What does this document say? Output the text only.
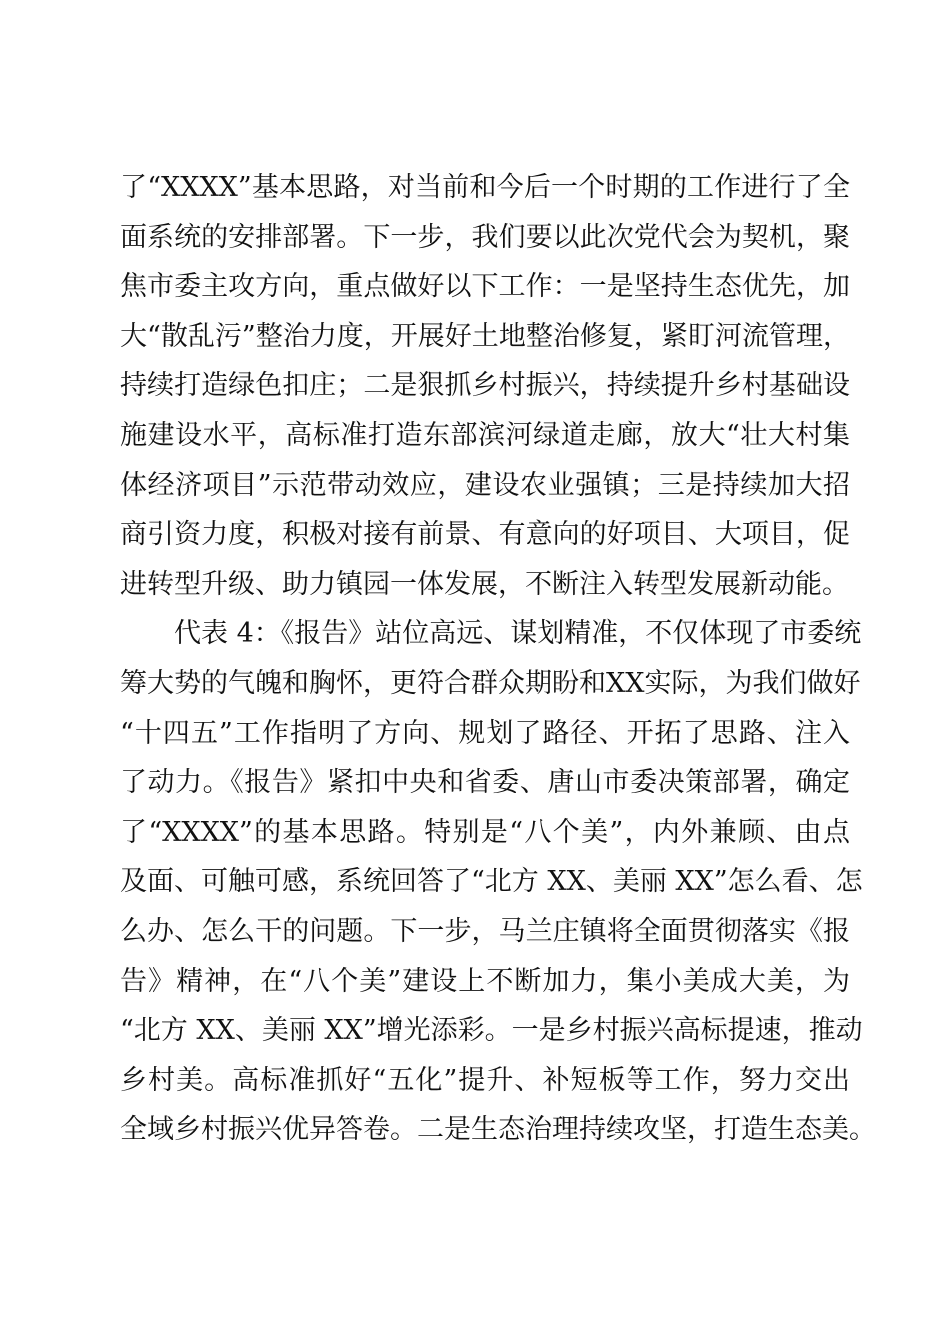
了“XXXX”基本思路，对当前和今后一个时期的工作进行了全
面系统的安排部署。下一步，我们要以此次党代会为契机，聚
焦市委主攻方向，重点做好以下工作：一是坚持生态优先，加
大“散乱污”整治力度，开展好土地整治修复，紧盯河流管理，
持续打造绿色扣庄；二是狠抓乡村振兴，持续提升乡村基础设
施建设水平，高标准打造东部滨河绿道走廊，放大“壮大村集
体经济项目”示范带动效应，建设农业强镇；三是持续加大招
商引资力度，积极对接有前景、有意向的好项目、大项目，促
进转型升级、助力镇园一体发展，不断注入转型发展新动能。
代表 4：《报告》站位高远、谋划精准，不仅体现了市委统
筹大势的气魄和胸怀，更符合群众期盼和XX实际，为我们做好
“十四五”工作指明了方向、规划了路径、开拓了思路、注入
了动力。《报告》紧扣中央和省委、唐山市委决策部署，确定
了“XXXX”的基本思路。特别是“八个美”，内外兼顾、由点
及面、可触可感，系统回答了“北方 XX、美丽 XX”怎么看、怎
么办、怎么干的问题。下一步，马兰庄镇将全面贯彻落实《报
告》精神，在“八个美”建设上不断加力，集小美成大美，为
“北方 XX、美丽 XX”增光添彩。一是乡村振兴高标提速，推动
乡村美。高标准抓好“五化”提升、补短板等工作，努力交出
全域乡村振兴优异答卷。二是生态治理持续攻坚，打造生态美。
